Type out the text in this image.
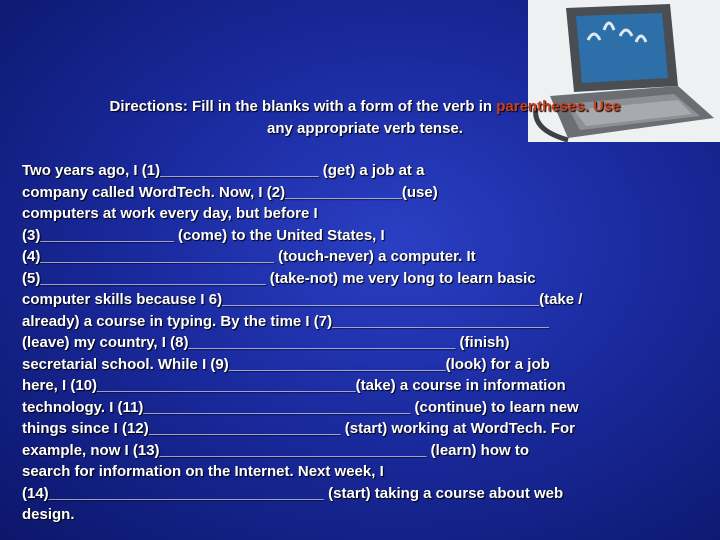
Directions: Fill in the blanks with a form of the verb in parentheses. Use
any appropriate verb tense.
Two years ago, I (1)___________________ (get) a job at a
company called WordTech. Now, I (2)______________(use)
computers at work every day, but before I
(3)________________ (come) to the United States, I
(4)____________________________ (touch-never) a computer. It
(5)___________________________ (take-not) me very long to learn basic
computer skills because I 6)______________________________________(take /
already) a course in typing. By the time I (7)__________________________
(leave) my country, I (8)________________________________ (finish)
secretarial school. While I (9)__________________________(look) for a job
here, I (10)_______________________________(take) a course in information
technology. I (11)________________________________ (continue) to learn new
things since I (12)_______________________ (start) working at WordTech. For
example, now I (13)________________________________ (learn) how to
search for information on the Internet. Next week, I
(14)_________________________________ (start) taking a course about web
design.
